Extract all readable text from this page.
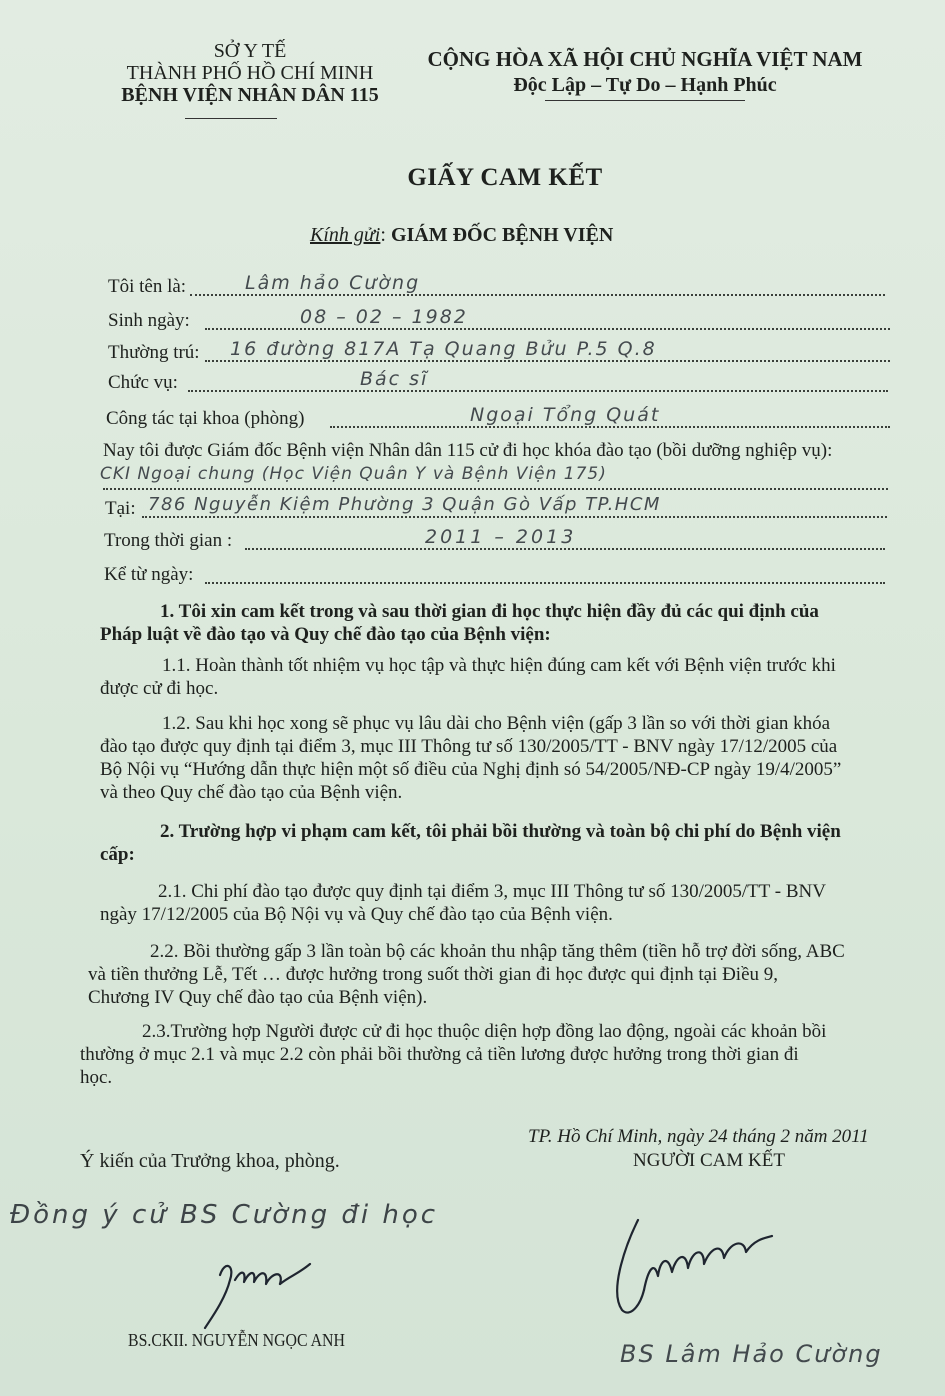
SỞ Y TẾ
THÀNH PHỐ HỒ CHÍ MINH
BỆNH VIỆN NHÂN DÂN 115
CỘNG HÒA XÃ HỘI CHỦ NGHĨA VIỆT NAM
Độc Lập – Tự Do – Hạnh Phúc
GIẤY CAM KẾT
Kính gửi: GIÁM ĐỐC BỆNH VIỆN
Tôi tên là:	Lâm hảo Cường
Sinh ngày:	08 – 02 – 1982
Thường trú: 16 đường 817A Tạ Quang Bửu P.5 Q.8
Chức vụ:	Bác sĩ
Công tác tại khoa (phòng)	Ngoại Tổng Quát
Nay tôi được Giám đốc Bệnh viện Nhân dân 115 cử đi học khóa đào tạo (bồi dưỡng nghiệp vụ):
CKI Ngoại chung (Học Viện Quân Y và Bệnh Viện 175)
Tại: 786 Nguyễn Kiệm Phường 3 Quận Gò Vấp TP.HCM
Trong thời gian :	2011 – 2013
Kể từ ngày:
1. Tôi xin cam kết trong và sau thời gian đi học thực hiện đầy đủ các qui định của
Pháp luật về đào tạo và Quy chế đào tạo của Bệnh viện:
1.1. Hoàn thành tốt nhiệm vụ học tập và thực hiện đúng cam kết với Bệnh viện trước khi
được cử đi học.
1.2. Sau khi học xong sẽ phục vụ lâu dài cho Bệnh viện (gấp 3 lần so với thời gian khóa
đào tạo được quy định tại điểm 3, mục III Thông tư số 130/2005/TT - BNV ngày 17/12/2005 của
Bộ Nội vụ “Hướng dẫn thực hiện một số điều của Nghị định só 54/2005/NĐ-CP ngày 19/4/2005”
và theo Quy chế đào tạo của Bệnh viện.
2. Trường hợp vi phạm cam kết, tôi phải bồi thường và toàn bộ chi phí do Bệnh viện
cấp:
2.1. Chi phí đào tạo được quy định tại điểm 3, mục III Thông tư số 130/2005/TT - BNV
ngày 17/12/2005 của Bộ Nội vụ và Quy chế đào tạo của Bệnh viện.
2.2. Bồi thường gấp 3 lần toàn bộ các khoản thu nhập tăng thêm (tiền hỗ trợ đời sống, ABC
và tiền thưởng Lễ, Tết … được hưởng trong suốt thời gian đi học được qui định tại Điều 9,
Chương IV Quy chế đào tạo của Bệnh viện).
2.3.Trường hợp Người được cử đi học thuộc diện hợp đồng lao động, ngoài các khoản bồi
thường ở mục 2.1 và mục 2.2 còn phải bồi thường cả tiền lương được hưởng trong thời gian đi
học.
TP. Hồ Chí Minh, ngày 24 tháng 2 năm 2011
Ý kiến của Trưởng khoa, phòng.	NGƯỜI CAM KẾT
Đồng ý cử BS Cường đi học
BS.CKII. NGUYỄN NGỌC ANH	BS Lâm Hảo Cường
